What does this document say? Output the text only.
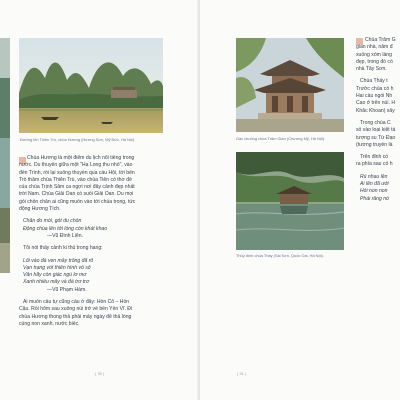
Đường lên Thiên Trù, chùa Hương (Hương Sơn, Mỹ Đức, Hà Nội).

Chùa Hương là một điểm du lịch nổi tiếng trong

nước. Du thuyền giữa một "Hạ Long thu nhỏ", vào

đền Trình, rồi lại xuống thuyền qua cầu Hội, tới bến

Trò thăm chùa Thiên Trù, vào chùa Tiên có thơ đề

của chúa Trịnh Sâm ca ngợi nơi đây cảnh đẹp nhất

trời Nam. Chùa Giải Oan có suối Giải Oan. Du mọi

gói chốn chân ai cũng muốn vào tới chùa trong, tức

động Hương Tích.

Chân do mòi, gót du chồn

Động chùa lên tới lòng còn khát khao

—Vũ Đình Liên.

Tôi nói thấy cảnh ki thú trong hang:

Lối vào đá ven mây trông đã rõ

Vạn trạng với thiên hình vô số

Vẫn hãy còn giác ngủ lơ mơ

Xanh nhiều mây và đá trơ trơ

—Vũ Phạm Hàm.

Ai muốn cầu tự cũng cầu ở đây: Hòn Cô – Hòn

Cậu. Rồi hôm sau xuống núi trở về bến Yến Vĩ. Đi

chùa Hương thong thả phải mấy ngày để thả lòng

cùng non xanh, nước biếc.

( 30 )
Gác chuông chùa Trăm Gian (Chương Mỹ, Hà Nội).
Thủy đình chùa Thầy (Sài Sơn, Quốc Oai, Hà Nội).

Chùa Trăm G

gian nhà, năm đ

xuống xóm làng

đẹp, trong đó có

nhà Tây Sơn.

Chùa Thầy t

Trước chùa có h

Hai cầu ngói Nh

Cao ở trên núi. H

Khắc Khoan) xây

Trong chùa C

số vào loại kiệt tá

tượng su Từ Đạo

(tương truyền là

Trên đỉnh có

ra phía sau có h

Rủ nhau lên

Ai lên đã ưởi

Hỏi non non

Phải rằng nó

( 31 )
